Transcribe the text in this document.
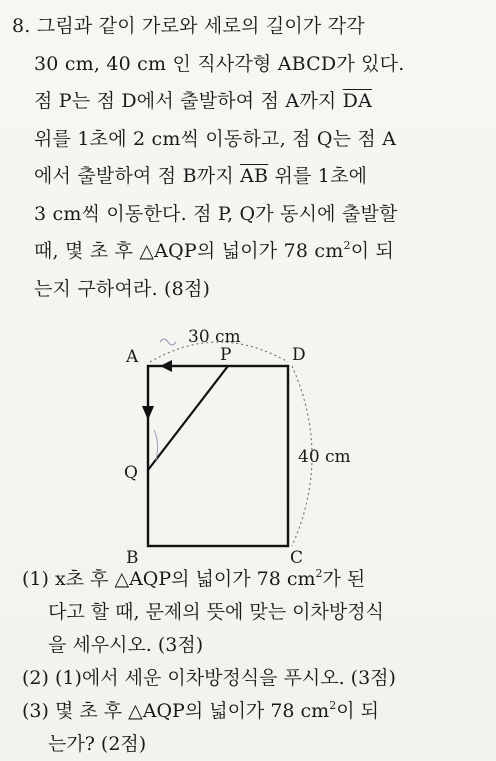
8. 그림과 같이 가로와 세로의 길이가 각각
30 cm, 40 cm 인 직사각형 ABCD가 있다.
점 P는 점 D에서 출발하여 점 A까지 $\overline{DA}$
위를 1초에 2 cm씩 이동하고, 점 Q는 점 A
에서 출발하여 점 B까지 $\overline{AB}$ 위를 1초에
3 cm씩 이동한다. 점 P, Q가 동시에 출발할
때, 몇 초 후 △AQP의 넓이가 78 $cm^2$이 되
는지 구하여라. (8점)
A	P	D
Q
B	C
30 cm
40 cm
(1) x초 후 △AQP의 넓이가 78 $cm^2$가 된
다고 할 때, 문제의 뜻에 맞는 이차방정식
을 세우시오. (3점)
(2) (1)에서 세운 이차방정식을 푸시오. (3점)
(3) 몇 초 후 △AQP의 넓이가 78 $cm^2$이 되
는가? (2점)
